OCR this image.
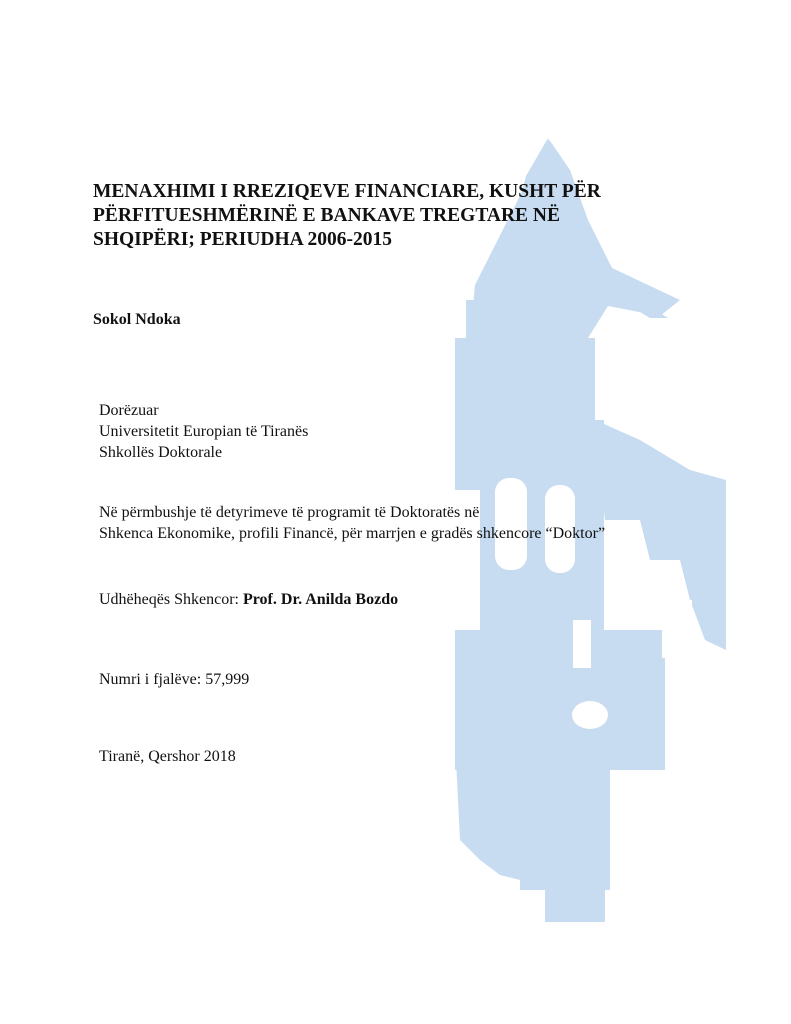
MENAXHIMI I RREZIQEVE FINANCIARE, KUSHT PËR
PËRFITUESHMËRINË E BANKAVE TREGTARE NË
SHQIPËRI; PERIUDHA 2006-2015

Sokol Ndoka

Dorëzuar
Universitetit Europian të Tiranës
Shkollës Doktorale
Në përmbushje të detyrimeve të programit të Doktoratës në
Shkenca Ekonomike, profili Financë, për marrjen e gradës shkencore “Doktor”
Udhëheqës Shkencor: Prof. Dr. Anilda Bozdo
Numri i fjalëve: 57,999
Tiranë, Qershor 2018
